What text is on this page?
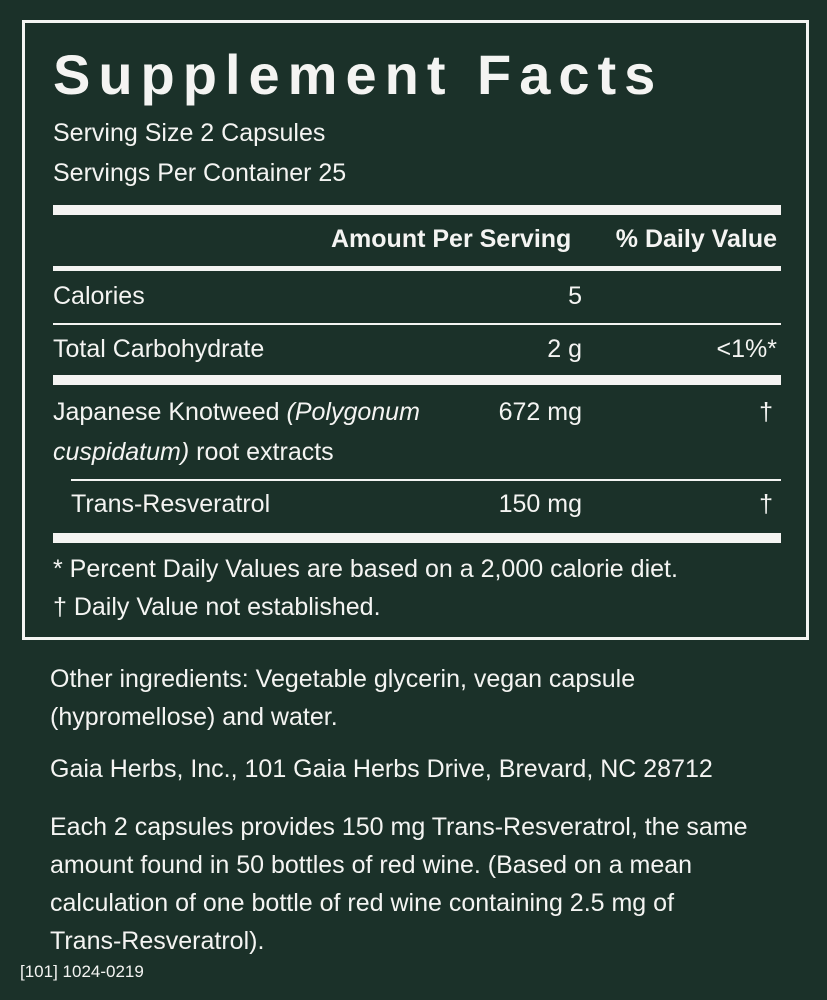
Supplement Facts
Serving Size 2 Capsules
Servings Per Container 25
Amount Per Serving % Daily Value
Calories	5
Total Carbohydrate	2 g	<1%*
Japanese Knotweed (Polygonum
cuspidatum) root extracts
672 mg	†
Trans-Resveratrol	150 mg	†
* Percent Daily Values are based on a 2,000 calorie diet.
† Daily Value not established.
Other ingredients: Vegetable glycerin, vegan capsule
(hypromellose) and water.
Gaia Herbs, Inc., 101 Gaia Herbs Drive, Brevard, NC 28712
Each 2 capsules provides 150 mg Trans-Resveratrol, the same
amount found in 50 bottles of red wine. (Based on a mean
calculation of one bottle of red wine containing 2.5 mg of
Trans-Resveratrol).
[101] 1024-0219
